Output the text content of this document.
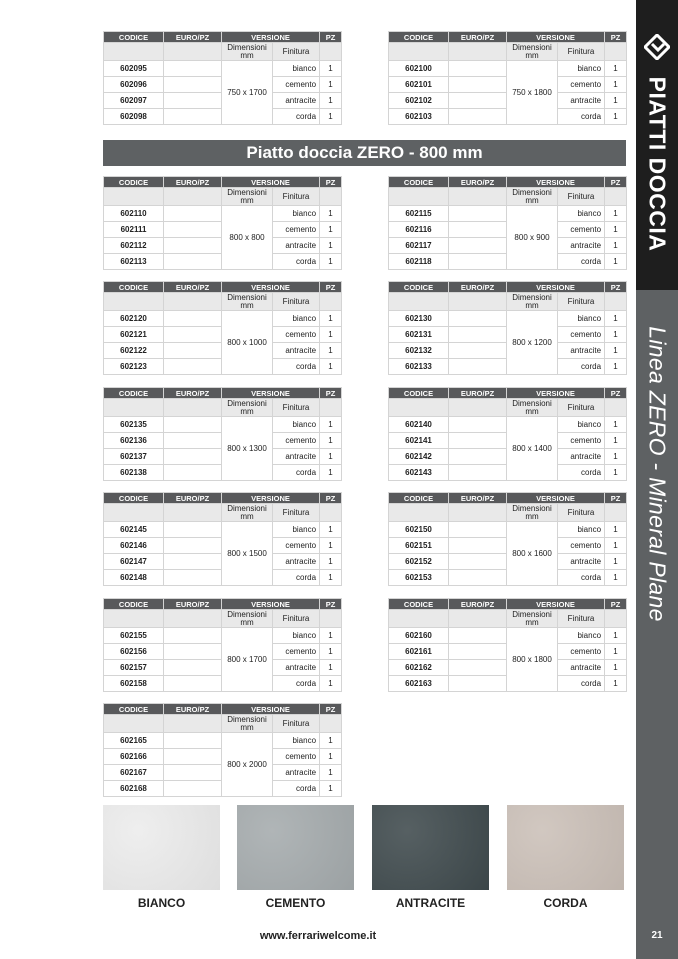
PIATTI DOCCIA
Linea ZERO - Mineral Plane
21
Piatto doccia ZERO - 800 mm
CODICE	EURO/PZ	VERSIONE		PZ
		Dimensioni mm	Finitura	
602095		750 x 1700	bianco	1
602096			cemento	1
602097			antracite	1
602098			corda	1
CODICE	EURO/PZ	VERSIONE		PZ
		Dimensioni mm	Finitura	
602100		750 x 1800	bianco	1
602101			cemento	1
602102			antracite	1
602103			corda	1
CODICE	EURO/PZ	VERSIONE		PZ
		Dimensioni mm	Finitura	
602110		800 x 800	bianco	1
602111			cemento	1
602112			antracite	1
602113			corda	1
CODICE	EURO/PZ	VERSIONE		PZ
		Dimensioni mm	Finitura	
602115		800 x 900	bianco	1
602116			cemento	1
602117			antracite	1
602118			corda	1
CODICE	EURO/PZ	VERSIONE		PZ
		Dimensioni mm	Finitura	
602120		800 x 1000	bianco	1
602121			cemento	1
602122			antracite	1
602123			corda	1
CODICE	EURO/PZ	VERSIONE		PZ
		Dimensioni mm	Finitura	
602130		800 x 1200	bianco	1
602131			cemento	1
602132			antracite	1
602133			corda	1
CODICE	EURO/PZ	VERSIONE		PZ
		Dimensioni mm	Finitura	
602135		800 x 1300	bianco	1
602136			cemento	1
602137			antracite	1
602138			corda	1
CODICE	EURO/PZ	VERSIONE		PZ
		Dimensioni mm	Finitura	
602140		800 x 1400	bianco	1
602141			cemento	1
602142			antracite	1
602143			corda	1
CODICE	EURO/PZ	VERSIONE		PZ
		Dimensioni mm	Finitura	
602145		800 x 1500	bianco	1
602146			cemento	1
602147			antracite	1
602148			corda	1
CODICE	EURO/PZ	VERSIONE		PZ
		Dimensioni mm	Finitura	
602150		800 x 1600	bianco	1
602151			cemento	1
602152			antracite	1
602153			corda	1
CODICE	EURO/PZ	VERSIONE		PZ
		Dimensioni mm	Finitura	
602155		800 x 1700	bianco	1
602156			cemento	1
602157			antracite	1
602158			corda	1
CODICE	EURO/PZ	VERSIONE		PZ
		Dimensioni mm	Finitura	
602160		800 x 1800	bianco	1
602161			cemento	1
602162			antracite	1
602163			corda	1
CODICE	EURO/PZ	VERSIONE		PZ
		Dimensioni mm	Finitura	
602165		800 x 2000	bianco	1
602166			cemento	1
602167			antracite	1
602168			corda	1
BIANCO	CEMENTO	ANTRACITE	CORDA
www.ferrariwelcome.it
